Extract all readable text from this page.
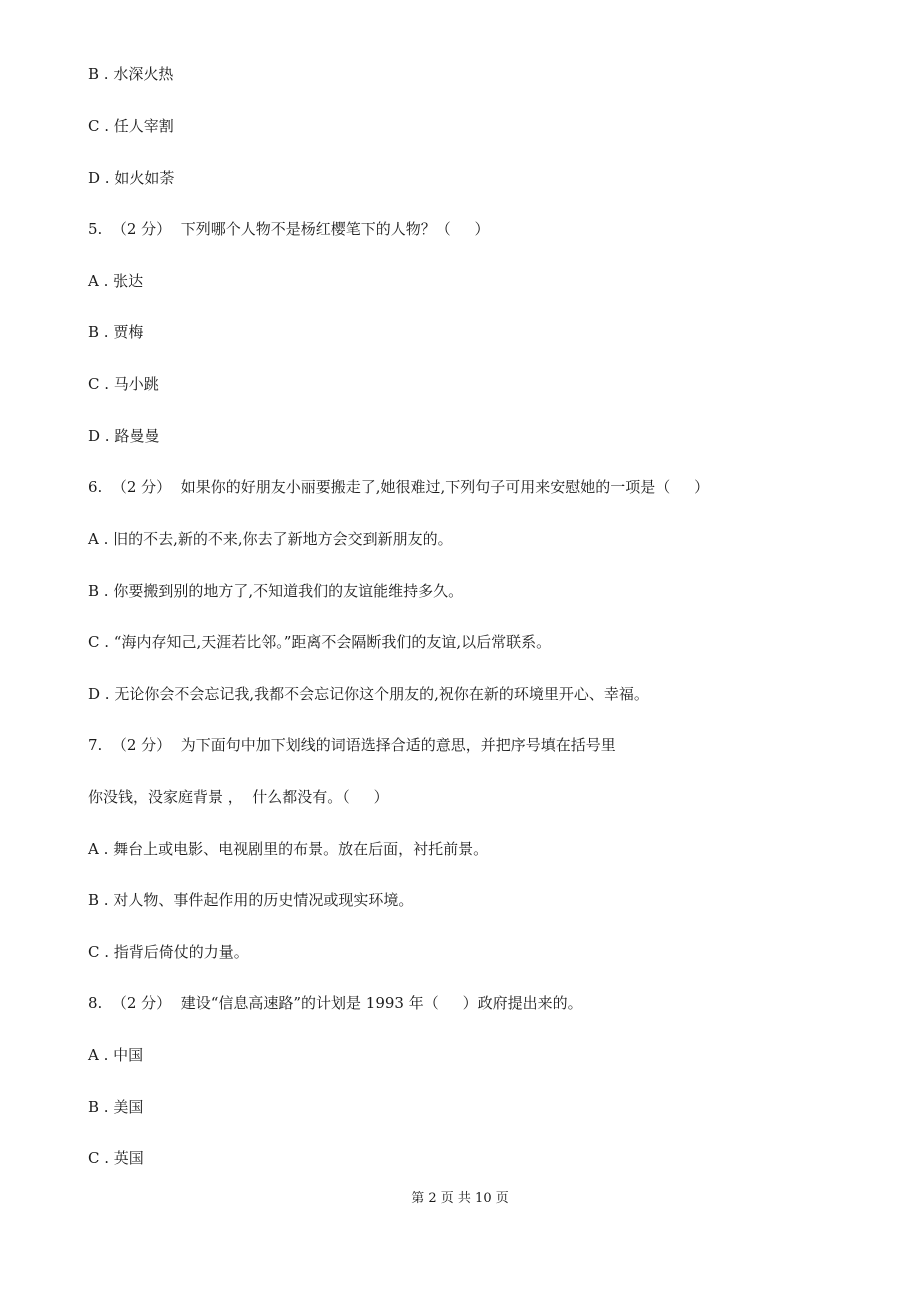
B . 水深火热
C . 任人宰割
D . 如火如荼
5.  （2 分）  下列哪个人物不是杨红樱笔下的人物？（     ）
A . 张达
B . 贾梅
C . 马小跳
D . 路曼曼
6.  （2 分）  如果你的好朋友小丽要搬走了,她很难过,下列句子可用来安慰她的一项是（     ）
A . 旧的不去,新的不来,你去了新地方会交到新朋友的。
B . 你要搬到别的地方了,不知道我们的友谊能维持多久。
C . “海内存知己,天涯若比邻。”距离不会隔断我们的友谊,以后常联系。
D . 无论你会不会忘记我,我都不会忘记你这个朋友的,祝你在新的环境里开心、幸福。
7.  （2 分）  为下面句中加下划线的词语选择合适的意思，并把序号填在括号里
你没钱，没家庭背景 ，  什么都没有。（     ）
A . 舞台上或电影、电视剧里的布景。放在后面，衬托前景。
B . 对人物、事件起作用的历史情况或现实环境。
C . 指背后倚仗的力量。
8.  （2 分）  建设“信息高速路”的计划是 1993 年（     ）政府提出来的。
A . 中国
B . 美国
C . 英国
第 2 页 共 10 页
